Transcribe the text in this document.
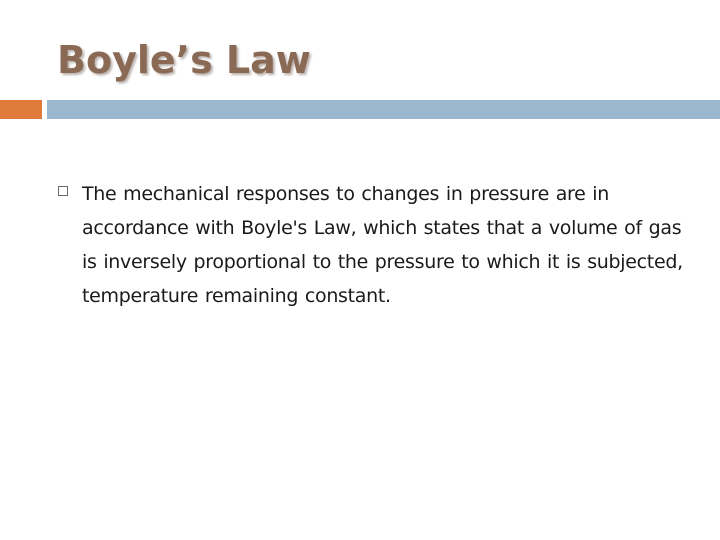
Boyle’s Law
The mechanical responses to changes in pressure are in accordance with Boyle's Law, which states that a volume of gas is inversely proportional to the pressure to which it is subjected, temperature remaining constant.
